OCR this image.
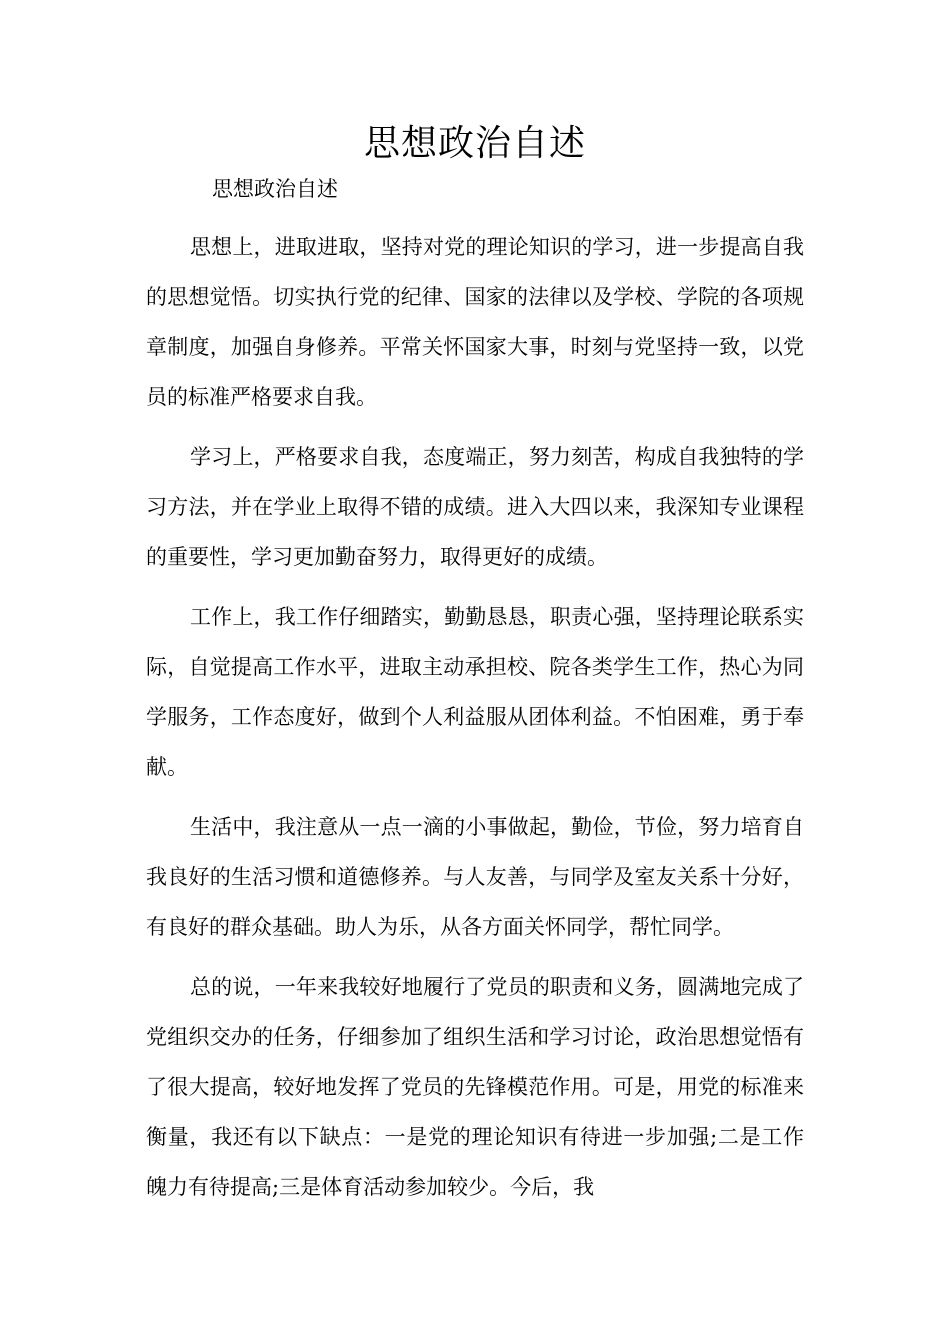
思想政治自述

思想政治自述

思想上，进取进取，坚持对党的理论知识的学习，进一步提高自我的思想觉悟。切实执行党的纪律、国家的法律以及学校、学院的各项规章制度，加强自身修养。平常关怀国家大事，时刻与党坚持一致，以党员的标准严格要求自我。

学习上，严格要求自我，态度端正，努力刻苦，构成自我独特的学习方法，并在学业上取得不错的成绩。进入大四以来，我深知专业课程的重要性，学习更加勤奋努力，取得更好的成绩。

工作上，我工作仔细踏实，勤勤恳恳，职责心强，坚持理论联系实际，自觉提高工作水平，进取主动承担校、院各类学生工作，热心为同学服务，工作态度好，做到个人利益服从团体利益。不怕困难，勇于奉献。

生活中，我注意从一点一滴的小事做起，勤俭，节俭，努力培育自我良好的生活习惯和道德修养。与人友善，与同学及室友关系十分好，有良好的群众基础。助人为乐，从各方面关怀同学，帮忙同学。

总的说，一年来我较好地履行了党员的职责和义务，圆满地完成了党组织交办的任务，仔细参加了组织生活和学习讨论，政治思想觉悟有了很大提高，较好地发挥了党员的先锋模范作用。可是，用党的标准来衡量，我还有以下缺点：一是党的理论知识有待进一步加强;二是工作魄力有待提高;三是体育活动参加较少。今后，我
